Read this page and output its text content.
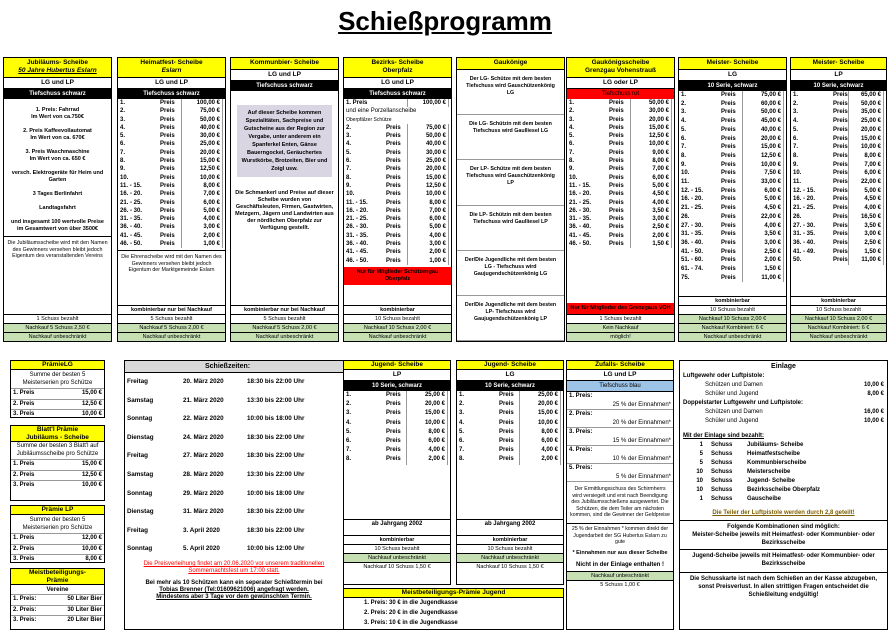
Schießprogramm
Jubiläums- Scheibe
50 Jahre Hubertus Eslarn
LG und LP
Tiefschuss schwarz
1. Preis: Fahrrad
Im Wert von ca.750€

2. Preis Kaffeevollautomat
Im Wert von ca. 670€

3. Preis Waschmaschine
Im Wert von ca. 650 €

versch. Elektrogeräte für Heim und Garten

3 Tages Berlinfahrt

Landtagsfahrt

und insgesamt 100 wertvolle Preise im Gesamtwert von über 3500€
Die Jubiläumsscheibe wird mit den Namen des Gewinners versehen bleibt jedoch Eigentum des veranstaltenden Vereins
1 Schuss bezahlt
Nachkauf 5 Schuss 2,50 €
Nachkauf unbeschränkt
Heimatfest- Scheibe
Eslarn
LG und LP
Tiefschuss schwarz
1.	Preis	100,00 €
2.	Preis	75,00 €
3.	Preis	50,00 €
4.	Preis	40,00 €
5.	Preis	30,00 €
6.	Preis	25,00 €
7.	Preis	20,00 €
8.	Preis	15,00 €
9.	Preis	12,50 €
10.	Preis	10,00 €
11. - 15.	Preis	8,00 €
16. - 20.	Preis	7,00 €
21. - 25.	Preis	6,00 €
26. - 30.	Preis	5,00 €
31. - 35.	Preis	4,00 €
36. - 40.	Preis	3,00 €
41. - 45.	Preis	2,00 €
46. - 50.	Preis	1,00 €
Die Ehrenscheibe wird mit den Namen des Gewinners versehen bleibt jedoch Eigentum der Marktgemeinde Eslarn
kombinierbar nur bei Nachkauf
5 Schuss bezahlt
Nachkauf 5 Schuss 2,00 €
Nachkauf unbeschränkt
Kommunbier- Scheibe
LG und LP
Tiefschuss schwarz
Auf dieser Scheibe kommen Spezialitäten, Sachpreise und Gutscheine aus der Region zur Vergabe, unter anderem ein Spanferkel Enten, Gänse Bauerngockel, Geräuchertes Wurstkörbe, Brotzeiten, Bier und Zoigl usw.
Die Schmankerl und Preise auf dieser Scheibe wurden von Geschäftsleuten, Firmen, Gastwirten, Metzgern, Jägern und Landwirten aus der nördlichen Oberpfalz zur Verfügung gestellt.
kombinierbar nur bei Nachkauf
5 Schuss bezahlt
Nachkauf 5 Schuss 2,00 €
Nachkauf unbeschränkt
Bezirks- Scheibe
Oberpfalz
LG und LP
Tiefschuss schwarz
1. Preis	100,00 €
und eine Porzellanscheibe
Oberpfälzer Schütze
2.	Preis	75,00 €
3.	Preis	50,00 €
4.	Preis	40,00 €
5.	Preis	30,00 €
6.	Preis	25,00 €
7.	Preis	20,00 €
8.	Preis	15,00 €
9.	Preis	12,50 €
10.	Preis	10,00 €
11. - 15.	Preis	8,00 €
16. - 20.	Preis	7,00 €
21. - 25.	Preis	6,00 €
26. - 30.	Preis	5,00 €
31. - 35.	Preis	4,00 €
36. - 40.	Preis	3,00 €
41. - 45.	Preis	2,00 €
46. - 50.	Preis	1,00 €
Nur für Mitglieder Schützengau Oberpfalz
kombinierbar
10 Schuss bezahlt
Nachkauf 10 Schuss 2,00 €
Nachkauf unbeschränkt
Gaukönige
Der LG- Schütze mit dem besten Tiefschuss wird Gauschützenkönig LG
Die LG- Schützin mit dem besten Tiefschuss wird Gaulliesel LG
Der LP- Schütze mit dem besten Tiefschuss wird Gauschützenkönig LP
Die LP- Schützin mit dem besten Tiefschuss wird Gaulliesel LP
Der/Die Jugendliche mit dem besten LG - Tiefschuss wird Gaujugendschützenkönig LG
Der/Die Jugendliche mit dem besten LP- Tiefschuss wird Gaujugendschützenkönig LP
Gaukönigsscheibe
Grenzgau Vohenstrauß
LG oder LP
Tiefschuss rot
1.	Preis	50,00 €
2.	Preis	30,00 €
3.	Preis	20,00 €
4.	Preis	15,00 €
5.	Preis	12,50 €
6.	Preis	10,00 €
7.	Preis	9,00 €
8.	Preis	8,00 €
9.	Preis	7,00 €
10.	Preis	6,00 €
11. - 15.	Preis	5,00 €
16. - 20.	Preis	4,50 €
21. - 25.	Preis	4,00 €
26. - 30.	Preis	3,50 €
31. - 35.	Preis	3,00 €
36. - 40.	Preis	2,50 €
41. - 45.	Preis	2,00 €
46. - 50.	Preis	1,50 €
Nur für Mitglieder des Grenzgaus VOH
1 Schuss bezahlt
Kein Nachkauf
möglich!
Meister- Scheibe
LG
10 Serie, schwarz
1.	Preis	75,00 €
2.	Preis	60,00 €
3.	Preis	50,00 €
4.	Preis	45,00 €
5.	Preis	40,00 €
6.	Preis	20,00 €
7.	Preis	15,00 €
8.	Preis	12,50 €
9.	Preis	10,00 €
10.	Preis	7,50 €
11.	Preis	33,00 €
12. - 15.	Preis	6,00 €
16. - 20.	Preis	5,00 €
21. - 25.	Preis	4,50 €
26.	Preis	22,00 €
27. - 30.	Preis	4,00 €
31. - 35.	Preis	3,50 €
36. - 40.	Preis	3,00 €
41. - 50.	Preis	2,50 €
51. - 60.	Preis	2,00 €
61. - 74.	Preis	1,50 €
75.	Preis	11,00 €
kombinierbar
10 Schuss bezahlt
Nachkauf 10 Schuss 2,00 €
Nachkauf Kombiniert: 6 €
Nachkauf unbeschränkt
Meister- Scheibe
LP
10 Serie, schwarz
1.	Preis	65,00 €
2.	Preis	50,00 €
3.	Preis	35,00 €
4.	Preis	25,00 €
5.	Preis	20,00 €
6.	Preis	15,00 €
7.	Preis	10,00 €
8.	Preis	8,00 €
9.	Preis	7,00 €
10.	Preis	6,00 €
11.	Preis	22,00 €
12. - 15.	Preis	5,00 €
16. - 20.	Preis	4,50 €
21. - 25.	Preis	4,00 €
26.	Preis	16,50 €
27. - 30.	Preis	3,50 €
31. - 35.	Preis	3,00 €
36. - 40.	Preis	2,50 €
41. - 49.	Preis	1,50 €
50.	Preis	11,00 €
kombinierbar
10 Schuss bezahlt
Nachkauf 10 Schuss 2,00 €
Nachkauf Kombiniert: 6 €
Nachkauf unbeschränkt
PrämieLG
Summe der besten 5 Meisterserien pro Schütze
1. Preis	15,00 €
2. Preis	12,50 €
3. Preis	10,00 €
Blatt'l Prämie
Jubiläums - Scheibe
Summe der besten 3 Blatt'l auf Jubiläumsscheibe pro Schütze
1. Preis	15,00 €
2. Preis	12,50 €
3. Preis	10,00 €
Prämie LP
Summe der besten 5 Meisterserien pro Schütze
1. Preis	12,00 €
2. Preis	10,00 €
3. Preis	8,00 €
Meistbeteiligungs-
Prämie
Vereine
1. Preis:	50 Liter Bier
2. Preis:	30 Liter Bier
3. Preis:	20 Liter Bier
Schießzeiten:
Freitag	20. März 2020	18:30 bis 22:00 Uhr
Samstag	21. März 2020	13:30 bis 22:00 Uhr
Sonntag	22. März 2020	10:00 bis 18:00 Uhr
Dienstag	24. März 2020	18:30 bis 22:00 Uhr
Freitag	27. März 2020	18:30 bis 22:00 Uhr
Samstag	28. März 2020	13:30 bis 22:00 Uhr
Sonntag	29. März 2020	10:00 bis 18:00 Uhr
Dienstag	31. März 2020	18:30 bis 22:00 Uhr
Freitag	3. April 2020	18:30 bis 22:00 Uhr
Sonntag	5. April 2020	10:00 bis 12:00 Uhr
Die Preisverleihung findet am 20.06.2020 vor unserem traditionellen Sommernachtsfest um 17:00 statt.
Bei mehr als 10 Schützen kann ein seperater Schießtermin bei
Tobias Brenner (Tel:01609621006) angefragt werden.
Mindestens aber 3 Tage vor dem gewünschten Termin.
Jugend- Scheibe
LP
10 Serie, schwarz
1.	Preis	25,00 €
2.	Preis	20,00 €
3.	Preis	15,00 €
4.	Preis	10,00 €
5.	Preis	8,00 €
6.	Preis	6,00 €
7.	Preis	4,00 €
8.	Preis	2,00 €
ab Jahrgang 2002
kombinierbar
10 Schuss bezahlt
Nachkauf unbeschränkt
Nachkauf 10 Schuss 1,50 €
Jugend- Scheibe
LG
10 Serie, schwarz
1.	Preis	25,00 €
2.	Preis	20,00 €
3.	Preis	15,00 €
4.	Preis	10,00 €
5.	Preis	8,00 €
6.	Preis	6,00 €
7.	Preis	4,00 €
8.	Preis	2,00 €
ab Jahrgang 2002
kombinierbar
10 Schuss bezahlt
Nachkauf unbeschränkt
Nachkauf 10 Schuss 1,50 €
Meistbeteiligungs-Prämie Jugend
1. Preis: 30 € in die Jugendkasse
2. Preis: 20 € in die Jugendkasse
3. Preis: 10 € in die Jugendkasse
Zufalls- Scheibe
LG und LP
Tiefschuss blau
1. Preis:
25 % der Einnahmen*
2. Preis:
20 % der Einnahmen*
3. Preis:
15 % der Einnahmen*
4. Preis:
10 % der Einnahmen*
5. Preis:
5 % der Einnahmen*
Der Ermittlungsschuss des Schirmherrs wird versiegelt und erst nach Beendigung des Jubiläumsschießens ausgewertet. Die Schützen, die dem Teiler am nächsten kommen, sind die Gewinner der Geldpreise
25 % der Einnahmen * kommen direkt der Jugendarbeit der SG Hubertus Eslarn zu gute
* Einnahmen nur aus dieser Scheibe
Nicht in der Einlage enthalten !
Nachkauf unbeschränkt
5 Schuss 1,00 €
Einlage
Luftgewehr oder Luftpistole:
Schützen und Damen	10,00 €
Schüler und Jugend	8,00 €
Doppelstarter Luftgewehr und Luftpistole:
Schützen und Damen	16,00 €
Schüler und Jugend	10,00 €
Mit der Einlage sind bezahlt:
1	Schuss	Jubiläums- Scheibe
5	Schuss	Heimatfestscheibe
5	Schuss	Kommunbierscheibe
10	Schuss	Meisterscheibe
10	Schuss	Jugend- Scheibe
10	Schuss	Bezirksscheibe Oberpfalz
1	Schuss	Gauscheibe
Die Teiler der Luftpistole werden durch 2,8 geteilt!
Folgende Kombinationen sind möglich:
Meister-Scheibe jeweils mit Heimatfest- oder Kommunbier- oder Bezirksscheibe
Jugend-Scheibe jeweils mit Heimatfest- oder Kommunbier- oder Bezirksscheibe
Die Schusskarte ist nach dem Schießen an der Kasse abzugeben, sonst Preisverlust. In allen strittigen Fragen entscheidet die Schießleitung endgültig!
